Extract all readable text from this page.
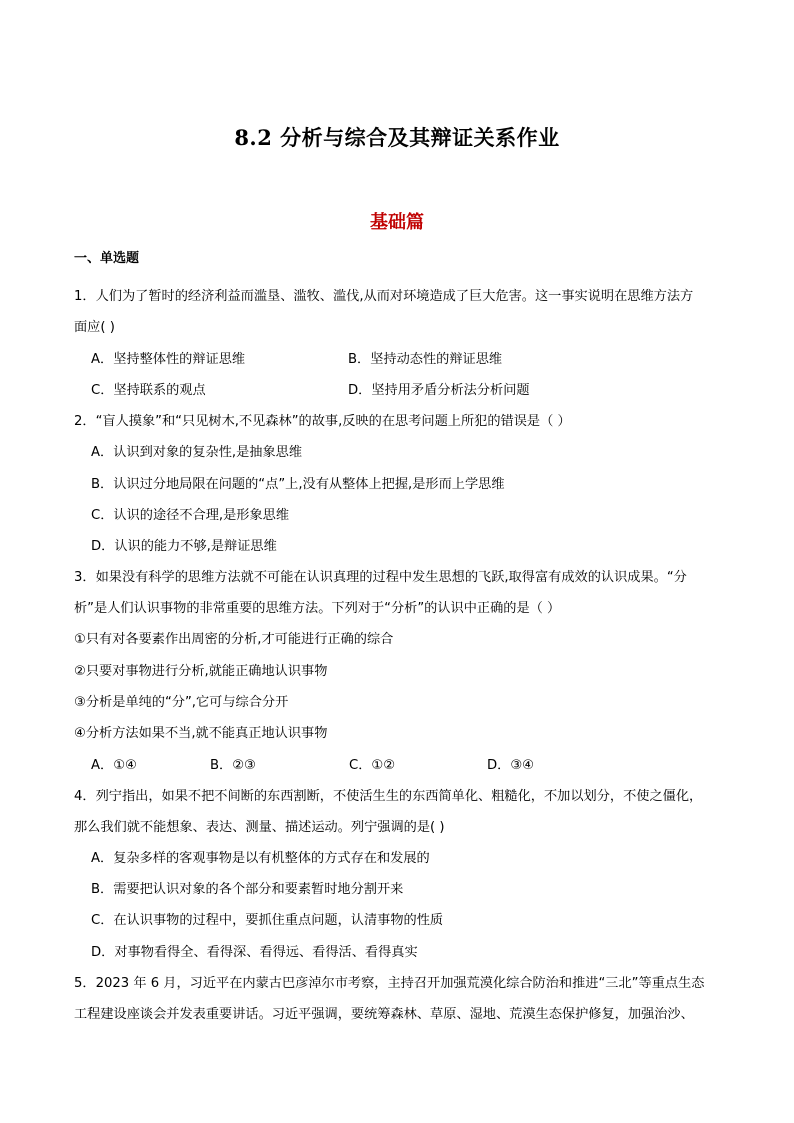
8.2 分析与综合及其辩证关系作业
基础篇
一、单选题
1．人们为了暂时的经济利益而滥垦、滥牧、滥伐,从而对环境造成了巨大危害。这一事实说明在思维方法方
面应( )
A．坚持整体性的辩证思维	B．坚持动态性的辩证思维
C．坚持联系的观点	D．坚持用矛盾分析法分析问题
2．“盲人摸象”和“只见树木,不见森林”的故事,反映的在思考问题上所犯的错误是（ ）
A．认识到对象的复杂性,是抽象思维
B．认识过分地局限在问题的“点”上,没有从整体上把握,是形而上学思维
C．认识的途径不合理,是形象思维
D．认识的能力不够,是辩证思维
3．如果没有科学的思维方法就不可能在认识真理的过程中发生思想的飞跃,取得富有成效的认识成果。“分
析”是人们认识事物的非常重要的思维方法。下列对于“分析”的认识中正确的是（ ）
①只有对各要素作出周密的分析,才可能进行正确的综合
②只要对事物进行分析,就能正确地认识事物
③分析是单纯的“分”,它可与综合分开
④分析方法如果不当,就不能真正地认识事物
A．①④	B．②③	C．①②	D．③④
4．列宁指出，如果不把不间断的东西割断，不使活生生的东西简单化、粗糙化，不加以划分，不使之僵化，
那么我们就不能想象、表达、测量、描述运动。列宁强调的是( )
A．复杂多样的客观事物是以有机整体的方式存在和发展的
B．需要把认识对象的各个部分和要素暂时地分割开来
C．在认识事物的过程中，要抓住重点问题，认清事物的性质
D．对事物看得全、看得深、看得远、看得活、看得真实
5．2023 年 6 月，习近平在内蒙古巴彦淖尔市考察，主持召开加强荒漠化综合防治和推进“三北”等重点生态
工程建设座谈会并发表重要讲话。习近平强调，要统筹森林、草原、湿地、荒漠生态保护修复，加强治沙、
